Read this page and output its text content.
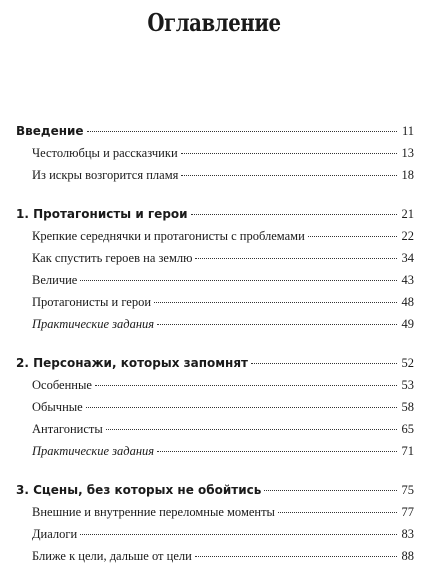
Оглавление
Введение	11
Честолюбцы и рассказчики	13
Из искры возгорится пламя	18
1. Протагонисты и герои	21
Крепкие середнячки и протагонисты с проблемами	22
Как спустить героев на землю	34
Величие	43
Протагонисты и герои	48
Практические задания	49
2. Персонажи, которых запомнят	52
Особенные	53
Обычные	58
Антагонисты	65
Практические задания	71
3. Сцены, без которых не обойтись	75
Внешние и внутренние переломные моменты	77
Диалоги	83
Ближе к цели, дальше от цели	88
